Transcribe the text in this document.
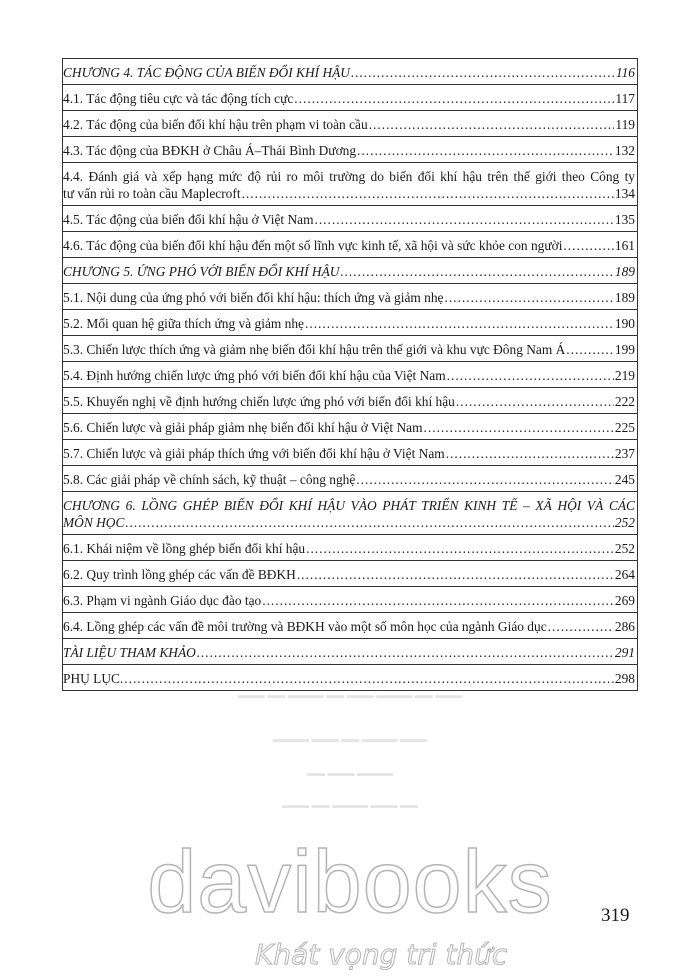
CHƯƠNG 4. TÁC ĐỘNG CỦA BIẾN ĐỔI KHÍ HẬU .....	116
4.1. Tác động tiêu cực và tác động tích cực .....	117
4.2. Tác động của biến đổi khí hậu trên phạm vi toàn cầu .....	119
4.3. Tác động của BĐKH ở Châu Á–Thái Bình Dương .....	132
4.4. Đánh giá và xếp hạng mức độ rủi ro môi trường do biến đổi khí hậu trên thế giới theo Công ty
tư vấn rủi ro toàn cầu Maplecroft .....	134
4.5. Tác động của biến đổi khí hậu ở Việt Nam .....	135
4.6. Tác động của biến đổi khí hậu đến một số lĩnh vực kinh tế, xã hội và sức khỏe con người .....	161
CHƯƠNG 5. ỨNG PHÓ VỚI BIẾN ĐỔI KHÍ HẬU .....	189
5.1. Nội dung của ứng phó với biến đổi khí hậu: thích ứng và giảm nhẹ .....	189
5.2. Mối quan hệ giữa thích ứng và giảm nhẹ .....	190
5.3. Chiến lược thích ứng và giảm nhẹ biến đổi khí hậu trên thế giới và khu vực Đông Nam Á .....	199
5.4. Định hướng chiến lược ứng phó với biến đổi khí hậu của Việt Nam .....	219
5.5. Khuyến nghị về định hướng chiến lược ứng phó với biến đổi khí hậu .....	222
5.6. Chiến lược và giải pháp giảm nhẹ biến đổi khí hậu ở Việt Nam .....	225
5.7. Chiến lược và giải pháp thích ứng với biến đổi khí hậu ở Việt Nam .....	237
5.8. Các giải pháp về chính sách, kỹ thuật – công nghệ .....	245
CHƯƠNG 6. LỒNG GHÉP BIẾN ĐỔI KHÍ HẬU VÀO PHÁT TRIỂN KINH TẾ – XÃ HỘI VÀ CÁC
MÔN HỌC .....	252
6.1. Khái niệm về lồng ghép biến đổi khí hậu .....	252
6.2. Quy trình lồng ghép các vấn đề BĐKH .....	264
6.3. Phạm vi ngành Giáo dục đào tạo .....	269
6.4. Lồng ghép các vấn đề môi trường và BĐKH vào một số môn học của ngành Giáo dục .....	286
TÀI LIỆU THAM KHẢO .....	291
PHỤ LỤC. .....	298
▬▬▬ ▬▬ ▬▬▬▬ ▬▬ ▬▬▬ ▬▬▬▬ ▬▬ ▬▬▬
▬▬▬▬ ▬▬▬ ▬▬ ▬▬▬▬ ▬▬▬
▬▬ ▬▬▬ ▬▬▬▬
▬▬▬ ▬▬ ▬▬▬▬ ▬▬▬ ▬▬
davibooks
Khát vọng tri thức
319
